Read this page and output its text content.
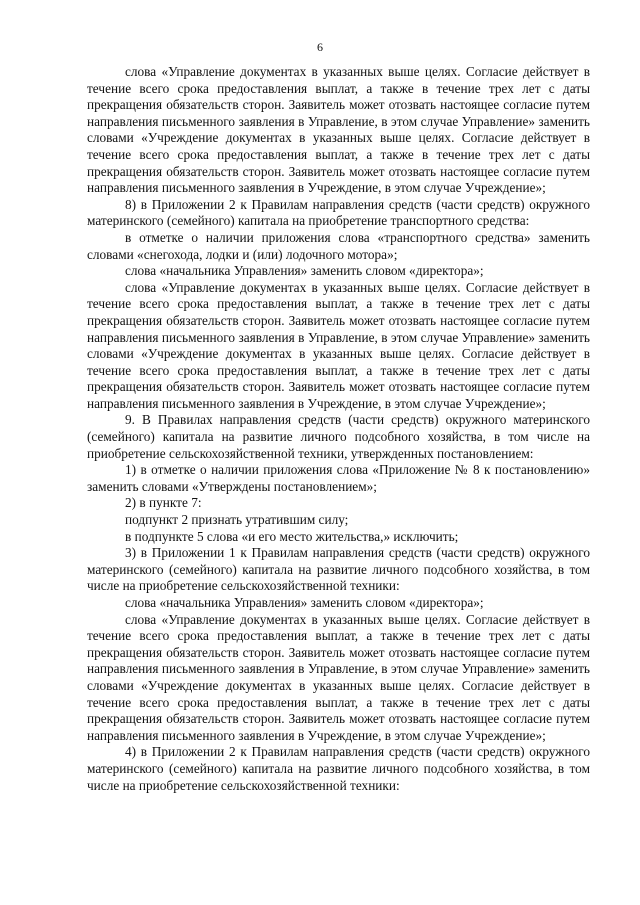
6

слова «Управление документах в указанных выше целях. Согласие действует в течение всего срока предоставления выплат, а также в течение трех лет с даты прекращения обязательств сторон. Заявитель может отозвать настоящее согласие путем направления письменного заявления в Управление, в этом случае Управление» заменить словами «Учреждение документах в указанных выше целях. Согласие действует в течение всего срока предоставления выплат, а также в течение трех лет с даты прекращения обязательств сторон. Заявитель может отозвать настоящее согласие путем направления письменного заявления в Учреждение, в этом случае Учреждение»;

8) в Приложении 2 к Правилам направления средств (части средств) окружного материнского (семейного) капитала на приобретение транспортного средства:

в отметке о наличии приложения слова «транспортного средства» заменить словами «снегохода, лодки и (или) лодочного мотора»;

слова «начальника Управления» заменить словом «директора»;

слова «Управление документах в указанных выше целях. Согласие действует в течение всего срока предоставления выплат, а также в течение трех лет с даты прекращения обязательств сторон. Заявитель может отозвать настоящее согласие путем направления письменного заявления в Управление, в этом случае Управление» заменить словами «Учреждение документах в указанных выше целях. Согласие действует в течение всего срока предоставления выплат, а также в течение трех лет с даты прекращения обязательств сторон. Заявитель может отозвать настоящее согласие путем направления письменного заявления в Учреждение, в этом случае Учреждение»;

9. В Правилах направления средств (части средств) окружного материнского (семейного) капитала на развитие личного подсобного хозяйства, в том числе на приобретение сельскохозяйственной техники, утвержденных постановлением:

1) в отметке о наличии приложения слова «Приложение № 8 к постановлению» заменить словами «Утверждены постановлением»;

2) в пункте 7:

подпункт 2 признать утратившим силу;

в подпункте 5 слова «и его место жительства,» исключить;

3) в Приложении 1 к Правилам направления средств (части средств) окружного материнского (семейного) капитала на развитие личного подсобного хозяйства, в том числе на приобретение сельскохозяйственной техники:

слова «начальника Управления» заменить словом «директора»;

слова «Управление документах в указанных выше целях. Согласие действует в течение всего срока предоставления выплат, а также в течение трех лет с даты прекращения обязательств сторон. Заявитель может отозвать настоящее согласие путем направления письменного заявления в Управление, в этом случае Управление» заменить словами «Учреждение документах в указанных выше целях. Согласие действует в течение всего срока предоставления выплат, а также в течение трех лет с даты прекращения обязательств сторон. Заявитель может отозвать настоящее согласие путем направления письменного заявления в Учреждение, в этом случае Учреждение»;

4) в Приложении 2 к Правилам направления средств (части средств) окружного материнского (семейного) капитала на развитие личного подсобного хозяйства, в том числе на приобретение сельскохозяйственной техники:
